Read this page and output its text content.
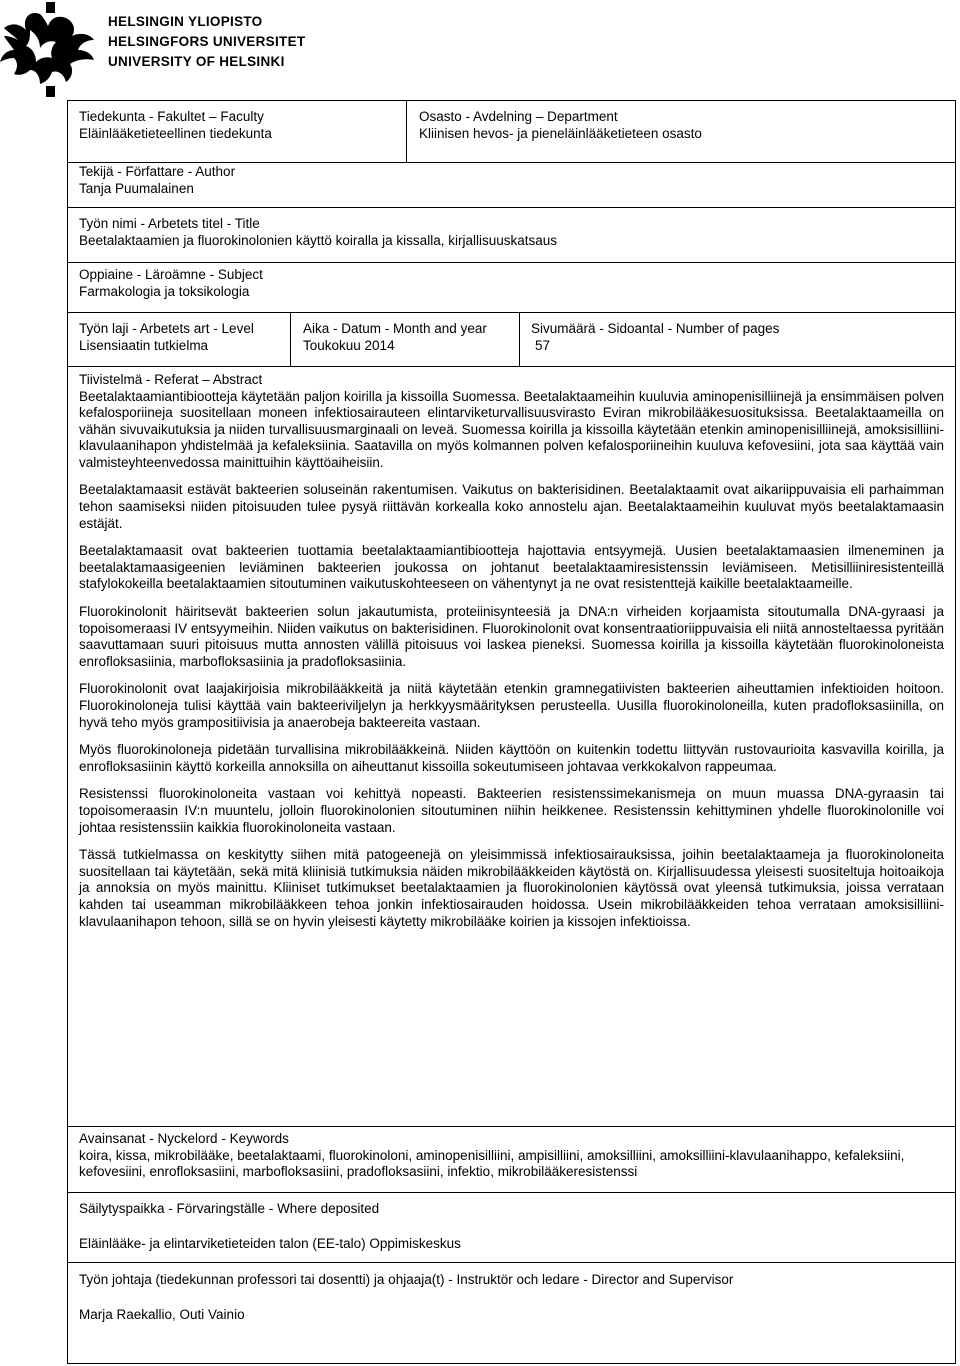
HELSINGIN YLIOPISTO
HELSINGFORS UNIVERSITET
UNIVERSITY OF HELSINKI
Tiedekunta - Fakultet – Faculty
Eläinlääketieteellinen tiedekunta
Osasto - Avdelning – Department
Kliinisen hevos- ja pieneläinlääketieteen osasto
Tekijä - Författare - Author
Tanja Puumalainen
Työn nimi - Arbetets titel - Title
Beetalaktaamien ja fluorokinolonien käyttö koiralla ja kissalla, kirjallisuuskatsaus
Oppiaine - Läroämne - Subject
Farmakologia ja toksikologia
Työn laji - Arbetets art - Level
Lisensiaatin tutkielma
Aika - Datum - Month and year
Toukokuu 2014
Sivumäärä - Sidoantal - Number of pages
57
Tiivistelmä - Referat – Abstract
Beetalaktaamiantibiootteja käytetään paljon koirilla ja kissoilla Suomessa. Beetalaktaameihin kuuluvia aminopenisilliinejä ja ensimmäisen polven kefalosporiineja suositellaan moneen infektiosairauteen elintarviketurvallisuusvirasto Eviran mikrobilääkesuosituksissa. Beetalaktaameilla on vähän sivuvaikutuksia ja niiden turvallisuusmarginaali on leveä. Suomessa koirilla ja kissoilla käytetään etenkin aminopenisilliinejä, amoksisilliini-klavulaanihapon yhdistelmää ja kefaleksiinia. Saatavilla on myös kolmannen polven kefalosporiineihin kuuluva kefovesiini, jota saa käyttää vain valmisteyhteenvedossa mainittuihin käyttöaiheisiin.
Beetalaktamaasit estävät bakteerien soluseinän rakentumisen. Vaikutus on bakterisidinen. Beetalaktaamit ovat aikariippuvaisia eli parhaimman tehon saamiseksi niiden pitoisuuden tulee pysyä riittävän korkealla koko annostelu ajan. Beetalaktaameihin kuuluvat myös beetalaktamaasin estäjät.
Beetalaktamaasit ovat bakteerien tuottamia beetalaktaamiantibiootteja hajottavia entsyymejä. Uusien beetalaktamaasien ilmeneminen ja beetalaktamaasigeenien leviäminen bakteerien joukossa on johtanut beetalaktaamiresistenssin leviämiseen. Metisilliiniresistenteillä stafylokokeilla beetalaktaamien sitoutuminen vaikutuskohteeseen on vähentynyt ja ne ovat resistenttejä kaikille beetalaktaameille.
Fluorokinolonit häiritsevät bakteerien solun jakautumista, proteiinisynteesiä ja DNA:n virheiden korjaamista sitoutumalla DNA-gyraasi ja topoisomeraasi IV entsyymeihin. Niiden vaikutus on bakterisidinen. Fluorokinolonit ovat konsentraatioriippuvaisia eli niitä annosteltaessa pyritään saavuttamaan suuri pitoisuus mutta annosten välillä pitoisuus voi laskea pieneksi. Suomessa koirilla ja kissoilla käytetään fluorokinoloneista enrofloksasiinia, marbofloksasiinia ja pradofloksasiinia.
Fluorokinolonit ovat laajakirjoisia mikrobilääkkeitä ja niitä käytetään etenkin gramnegatiivisten bakteerien aiheuttamien infektioiden hoitoon. Fluorokinoloneja tulisi käyttää vain bakteeriviljelyn ja herkkyysmäärityksen perusteella. Uusilla fluorokinoloneilla, kuten pradofloksasiinilla, on hyvä teho myös grampositiivisia ja anaerobeja bakteereita vastaan.
Myös fluorokinoloneja pidetään turvallisina mikrobilääkkeinä. Niiden käyttöön on kuitenkin todettu liittyvän rustovaurioita kasvavilla koirilla, ja enrofloksasiinin käyttö korkeilla annoksilla on aiheuttanut kissoilla sokeutumiseen johtavaa verkkokalvon rappeumaa.
Resistenssi fluorokinoloneita vastaan voi kehittyä nopeasti. Bakteerien resistenssimekanismeja on muun muassa DNA-gyraasin tai topoisomeraasin IV:n muuntelu, jolloin fluorokinolonien sitoutuminen niihin heikkenee. Resistenssin kehittyminen yhdelle fluorokinolonille voi johtaa resistenssiin kaikkia fluorokinoloneita vastaan.
Tässä tutkielmassa on keskitytty siihen mitä patogeenejä on yleisimmissä infektiosairauksissa, joihin beetalaktaameja ja fluorokinoloneita suositellaan tai käytetään, sekä mitä kliinisiä tutkimuksia näiden mikrobilääkkeiden käytöstä on. Kirjallisuudessa yleisesti suositeltuja hoitoaikoja ja annoksia on myös mainittu. Kliiniset tutkimukset beetalaktaamien ja fluorokinolonien käytössä ovat yleensä tutkimuksia, joissa verrataan kahden tai useamman mikrobilääkkeen tehoa jonkin infektiosairauden hoidossa. Usein mikrobilääkkeiden tehoa verrataan amoksisilliini-klavulaanihapon tehoon, sillä se on hyvin yleisesti käytetty mikrobilääke koirien ja kissojen infektioissa.
Avainsanat - Nyckelord - Keywords
koira, kissa, mikrobilääke, beetalaktaami, fluorokinoloni, aminopenisilliini, ampisilliini, amoksilliini, amoksilliini-klavulaanihappo, kefaleksiini, kefovesiini, enrofloksasiini, marbofloksasiini, pradofloksasiini, infektio, mikrobilääkeresistenssi
Säilytyspaikka - Förvaringställe - Where deposited
Eläinlääke- ja elintarviketieteiden talon (EE-talo) Oppimiskeskus
Työn johtaja (tiedekunnan professori tai dosentti) ja ohjaaja(t) - Instruktör och ledare - Director and Supervisor
Marja Raekallio, Outi Vainio
